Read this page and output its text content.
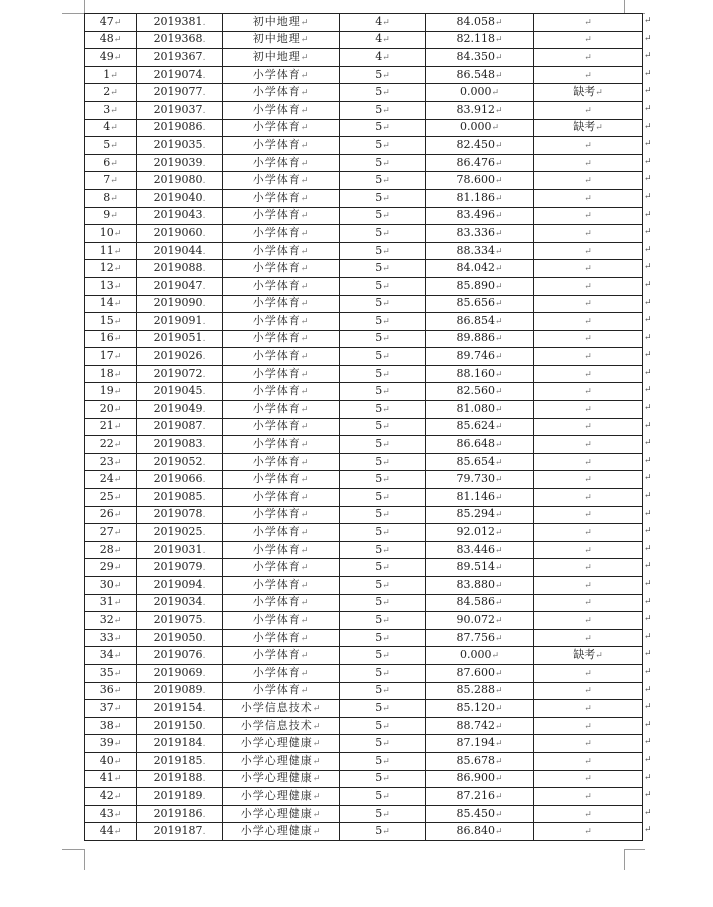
47↵	2019381.	初中地理↵	4↵	84.058↵	↵
48↵	2019368.	初中地理↵	4↵	82.118↵	↵
49↵	2019367.	初中地理↵	4↵	84.350↵	↵
1↵	2019074.	小学体育↵	5↵	86.548↵	↵
2↵	2019077.	小学体育↵	5↵	0.000↵	缺考↵
3↵	2019037.	小学体育↵	5↵	83.912↵	↵
4↵	2019086.	小学体育↵	5↵	0.000↵	缺考↵
5↵	2019035.	小学体育↵	5↵	82.450↵	↵
6↵	2019039.	小学体育↵	5↵	86.476↵	↵
7↵	2019080.	小学体育↵	5↵	78.600↵	↵
8↵	2019040.	小学体育↵	5↵	81.186↵	↵
9↵	2019043.	小学体育↵	5↵	83.496↵	↵
10↵	2019060.	小学体育↵	5↵	83.336↵	↵
11↵	2019044.	小学体育↵	5↵	88.334↵	↵
12↵	2019088.	小学体育↵	5↵	84.042↵	↵
13↵	2019047.	小学体育↵	5↵	85.890↵	↵
14↵	2019090.	小学体育↵	5↵	85.656↵	↵
15↵	2019091.	小学体育↵	5↵	86.854↵	↵
16↵	2019051.	小学体育↵	5↵	89.886↵	↵
17↵	2019026.	小学体育↵	5↵	89.746↵	↵
18↵	2019072.	小学体育↵	5↵	88.160↵	↵
19↵	2019045.	小学体育↵	5↵	82.560↵	↵
20↵	2019049.	小学体育↵	5↵	81.080↵	↵
21↵	2019087.	小学体育↵	5↵	85.624↵	↵
22↵	2019083.	小学体育↵	5↵	86.648↵	↵
23↵	2019052.	小学体育↵	5↵	85.654↵	↵
24↵	2019066.	小学体育↵	5↵	79.730↵	↵
25↵	2019085.	小学体育↵	5↵	81.146↵	↵
26↵	2019078.	小学体育↵	5↵	85.294↵	↵
27↵	2019025.	小学体育↵	5↵	92.012↵	↵
28↵	2019031.	小学体育↵	5↵	83.446↵	↵
29↵	2019079.	小学体育↵	5↵	89.514↵	↵
30↵	2019094.	小学体育↵	5↵	83.880↵	↵
31↵	2019034.	小学体育↵	5↵	84.586↵	↵
32↵	2019075.	小学体育↵	5↵	90.072↵	↵
33↵	2019050.	小学体育↵	5↵	87.756↵	↵
34↵	2019076.	小学体育↵	5↵	0.000↵	缺考↵
35↵	2019069.	小学体育↵	5↵	87.600↵	↵
36↵	2019089.	小学体育↵	5↵	85.288↵	↵
37↵	2019154.	小学信息技术↵	5↵	85.120↵	↵
38↵	2019150.	小学信息技术↵	5↵	88.742↵	↵
39↵	2019184.	小学心理健康↵	5↵	87.194↵	↵
40↵	2019185.	小学心理健康↵	5↵	85.678↵	↵
41↵	2019188.	小学心理健康↵	5↵	86.900↵	↵
42↵	2019189.	小学心理健康↵	5↵	87.216↵	↵
43↵	2019186.	小学心理健康↵	5↵	85.450↵	↵
44↵	2019187.	小学心理健康↵	5↵	86.840↵	↵
↵
↵
↵
↵
↵
↵
↵
↵
↵
↵
↵
↵
↵
↵
↵
↵
↵
↵
↵
↵
↵
↵
↵
↵
↵
↵
↵
↵
↵
↵
↵
↵
↵
↵
↵
↵
↵
↵
↵
↵
↵
↵
↵
↵
↵
↵
↵
